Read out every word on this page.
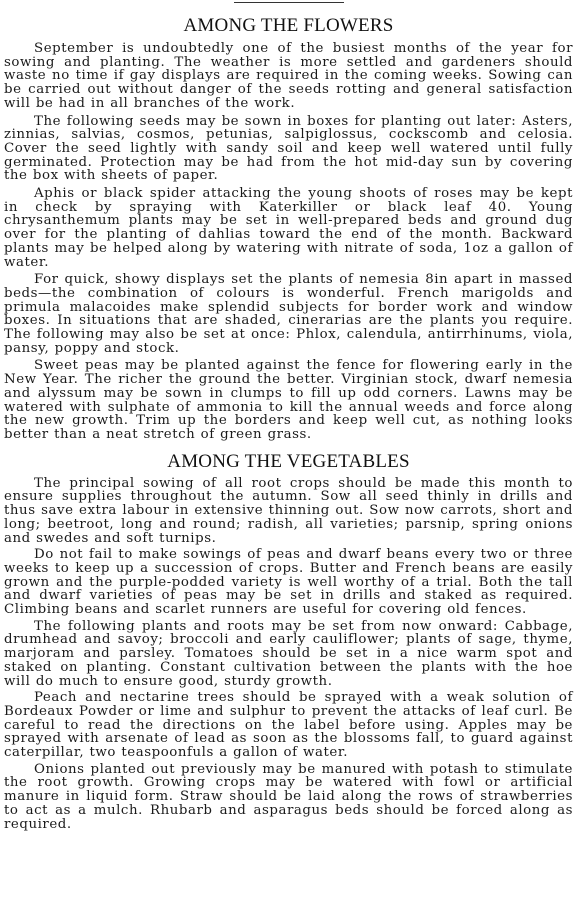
AMONG THE FLOWERS

September is undoubtedly one of the busiest months of the year for sowing and planting. The weather is more settled and gardeners should waste no time if gay displays are required in the coming weeks. Sowing can be carried out without danger of the seeds rotting and general satisfaction will be had in all branches of the work.

The following seeds may be sown in boxes for planting out later: Asters, zinnias, salvias, cosmos, petunias, salpiglossus, cockscomb and celosia. Cover the seed lightly with sandy soil and keep well watered until fully germinated. Protection may be had from the hot mid-day sun by covering the box with sheets of paper.

Aphis or black spider attacking the young shoots of roses may be kept in check by spraying with Katerkiller or black leaf 40. Young chrysanthemum plants may be set in well-prepared beds and ground dug over for the planting of dahlias toward the end of the month. Backward plants may be helped along by watering with nitrate of soda, 1oz a gallon of water.

For quick, showy displays set the plants of nemesia 8in apart in massed beds—the combination of colours is wonderful. French marigolds and primula malacoides make splendid subjects for border work and window boxes. In situations that are shaded, cinerarias are the plants you require. The following may also be set at once: Phlox, calendula, antirrhinums, viola, pansy, poppy and stock.

Sweet peas may be planted against the fence for flowering early in the New Year. The richer the ground the better. Virginian stock, dwarf nemesia and alyssum may be sown in clumps to fill up odd corners. Lawns may be watered with sulphate of ammonia to kill the annual weeds and force along the new growth. Trim up the borders and keep well cut, as nothing looks better than a neat stretch of green grass.

AMONG THE VEGETABLES

The principal sowing of all root crops should be made this month to ensure supplies throughout the autumn. Sow all seed thinly in drills and thus save extra labour in extensive thinning out. Sow now carrots, short and long; beetroot, long and round; radish, all varieties; parsnip, spring onions and swedes and soft turnips.

Do not fail to make sowings of peas and dwarf beans every two or three weeks to keep up a succession of crops. Butter and French beans are easily grown and the purple-podded variety is well worthy of a trial. Both the tall and dwarf varieties of peas may be set in drills and staked as required. Climbing beans and scarlet runners are useful for covering old fences.

The following plants and roots may be set from now onward: Cabbage, drumhead and savoy; broccoli and early cauliflower; plants of sage, thyme, marjoram and parsley. Tomatoes should be set in a nice warm spot and staked on planting. Constant cultivation between the plants with the hoe will do much to ensure good, sturdy growth.

Peach and nectarine trees should be sprayed with a weak solution of Bordeaux Powder or lime and sulphur to prevent the attacks of leaf curl. Be careful to read the directions on the label before using. Apples may be sprayed with arsenate of lead as soon as the blossoms fall, to guard against caterpillar, two teaspoonfuls a gallon of water.

Onions planted out previously may be manured with potash to stimulate the root growth. Growing crops may be watered with fowl or artificial manure in liquid form. Straw should be laid along the rows of strawberries to act as a mulch. Rhubarb and asparagus beds should be forced along as required.
